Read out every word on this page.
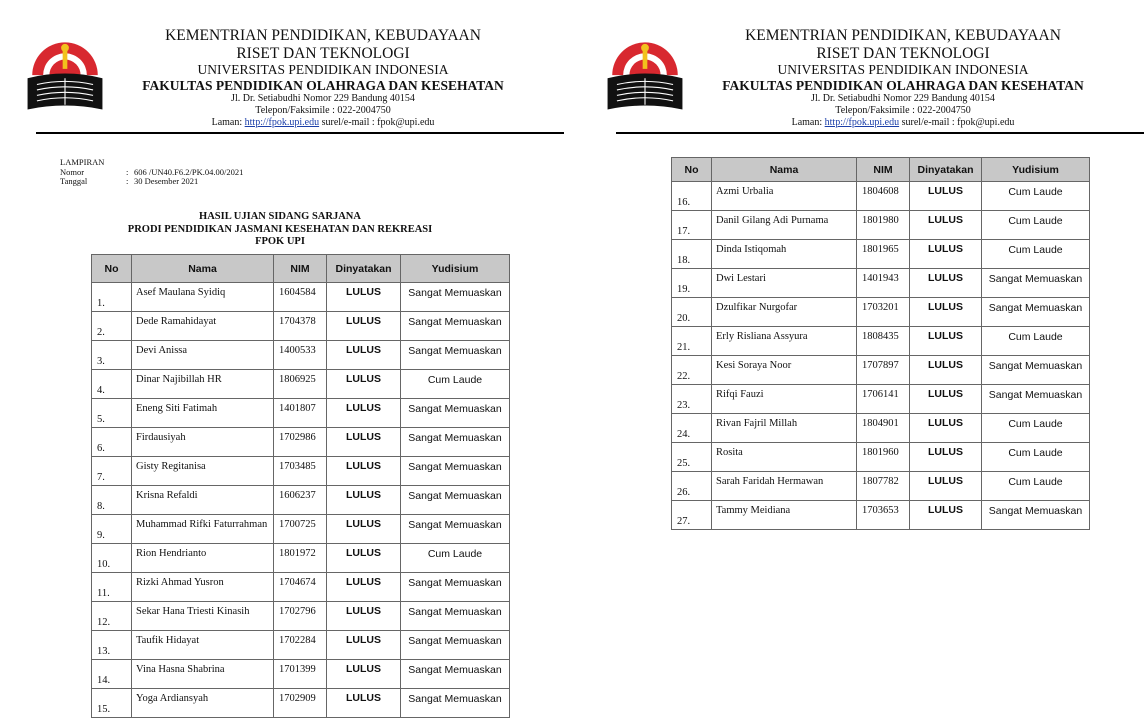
KEMENTRIAN PENDIDIKAN, KEBUDAYAAN
RISET DAN TEKNOLOGI
UNIVERSITAS PENDIDIKAN INDONESIA
FAKULTAS PENDIDIKAN OLAHRAGA DAN KESEHATAN
Jl. Dr. Setiabudhi Nomor 229 Bandung 40154
Telepon/Faksimile : 022-2004750
Laman: http://fpok.upi.edu surel/e-mail : fpok@upi.edu
LAMPIRAN
Nomor	: 606 /UN40.F6.2/PK.04.00/2021
Tanggal	: 30 Desember 2021
HASIL UJIAN SIDANG SARJANA
PRODI PENDIDIKAN JASMANI KESEHATAN DAN REKREASI
FPOK UPI
No	Nama	NIM	Dinyatakan	Yudisium
1.	Asef Maulana Syidiq	1604584	LULUS	Sangat Memuaskan
2.	Dede Ramahidayat	1704378	LULUS	Sangat Memuaskan
3.	Devi Anissa	1400533	LULUS	Sangat Memuaskan
4.	Dinar Najibillah HR	1806925	LULUS	Cum Laude
5.	Eneng Siti Fatimah	1401807	LULUS	Sangat Memuaskan
6.	Firdausiyah	1702986	LULUS	Sangat Memuaskan
7.	Gisty Regitanisa	1703485	LULUS	Sangat Memuaskan
8.	Krisna Refaldi	1606237	LULUS	Sangat Memuaskan
9.	Muhammad Rifki Faturrahman	1700725	LULUS	Sangat Memuaskan
10.	Rion Hendrianto	1801972	LULUS	Cum Laude
11.	Rizki Ahmad Yusron	1704674	LULUS	Sangat Memuaskan
12.	Sekar Hana Triesti Kinasih	1702796	LULUS	Sangat Memuaskan
13.	Taufik Hidayat	1702284	LULUS	Sangat Memuaskan
14.	Vina Hasna Shabrina	1701399	LULUS	Sangat Memuaskan
15.	Yoga Ardiansyah	1702909	LULUS	Sangat Memuaskan
KEMENTRIAN PENDIDIKAN, KEBUDAYAAN
RISET DAN TEKNOLOGI
UNIVERSITAS PENDIDIKAN INDONESIA
FAKULTAS PENDIDIKAN OLAHRAGA DAN KESEHATAN
Jl. Dr. Setiabudhi Nomor 229 Bandung 40154
Telepon/Faksimile : 022-2004750
Laman: http://fpok.upi.edu surel/e-mail : fpok@upi.edu
No	Nama	NIM	Dinyatakan	Yudisium
16.	Azmi Urbalia	1804608	LULUS	Cum Laude
17.	Danil Gilang Adi Purnama	1801980	LULUS	Cum Laude
18.	Dinda Istiqomah	1801965	LULUS	Cum Laude
19.	Dwi Lestari	1401943	LULUS	Sangat Memuaskan
20.	Dzulfikar Nurgofar	1703201	LULUS	Sangat Memuaskan
21.	Erly Risliana Assyura	1808435	LULUS	Cum Laude
22.	Kesi Soraya Noor	1707897	LULUS	Sangat Memuaskan
23.	Rifqi Fauzi	1706141	LULUS	Sangat Memuaskan
24.	Rivan Fajril Millah	1804901	LULUS	Cum Laude
25.	Rosita	1801960	LULUS	Cum Laude
26.	Sarah Faridah Hermawan	1807782	LULUS	Cum Laude
27.	Tammy Meidiana	1703653	LULUS	Sangat Memuaskan
